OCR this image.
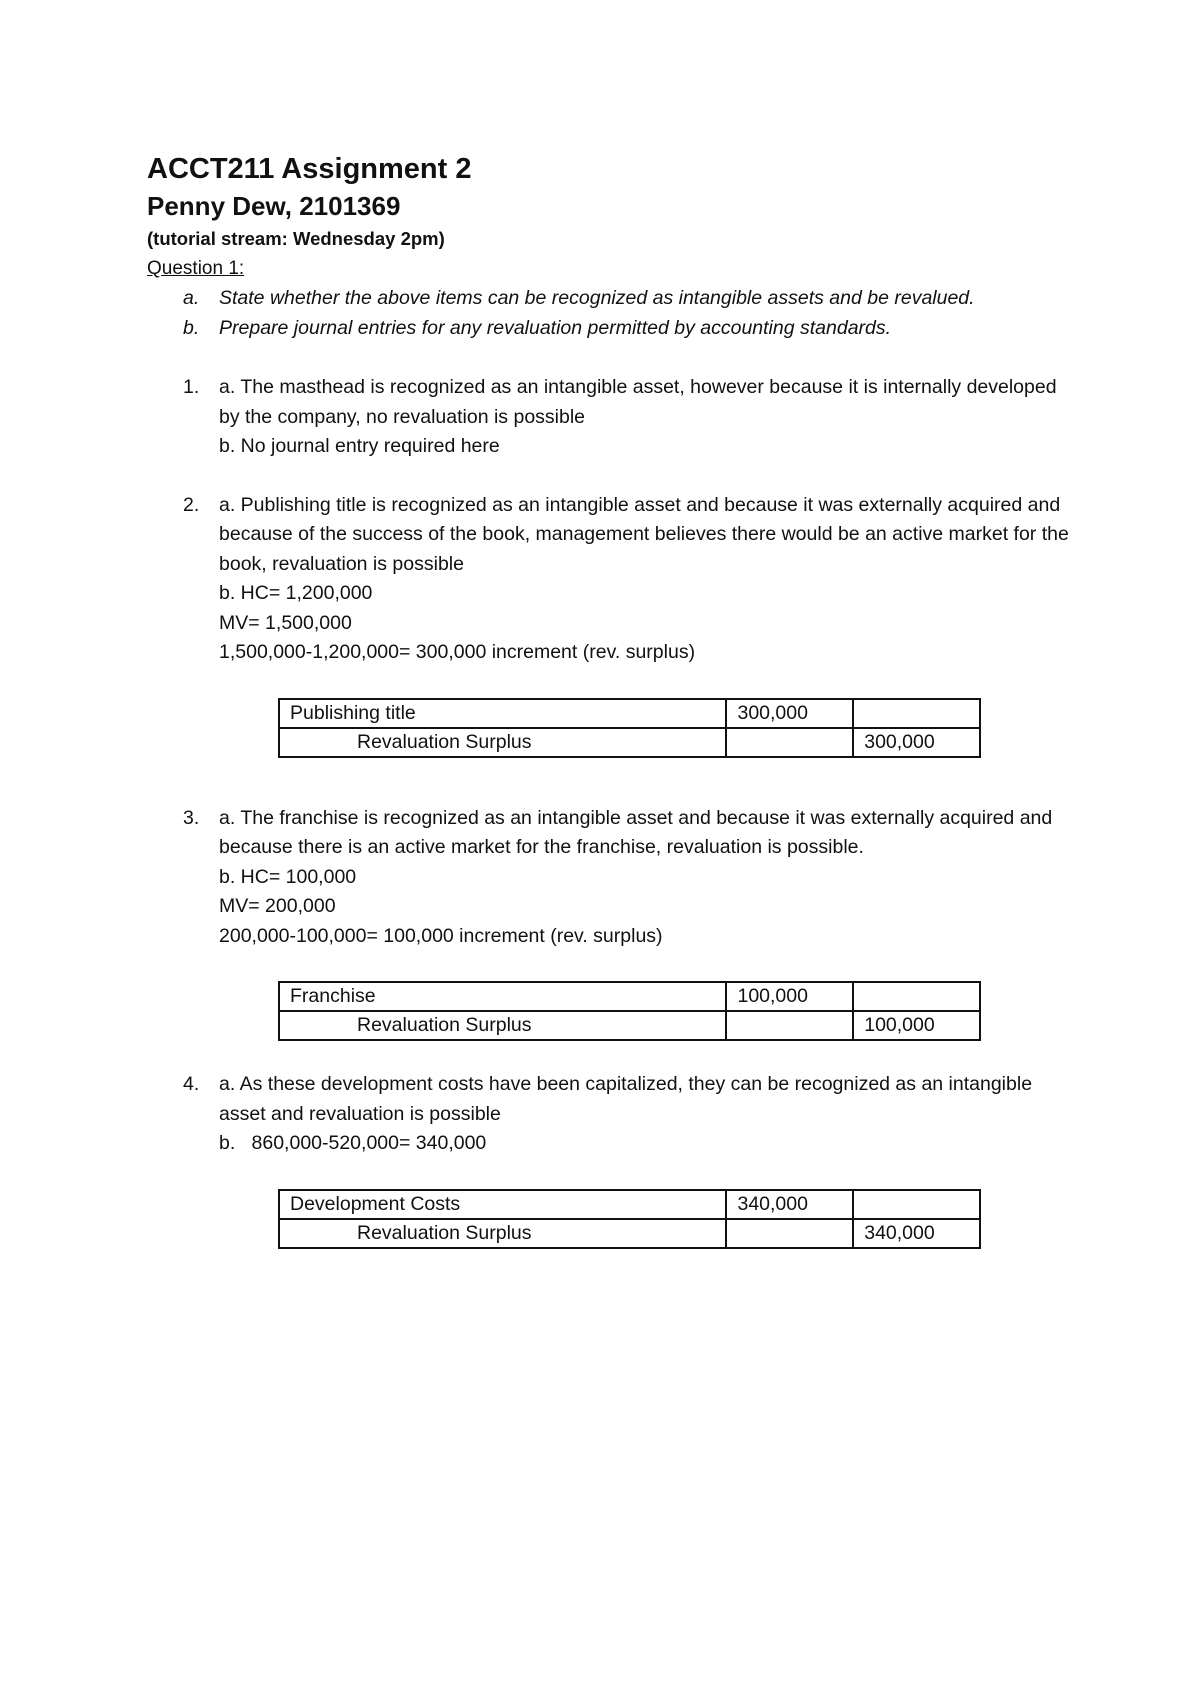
ACCT211 Assignment 2

Penny Dew, 2101369

(tutorial stream: Wednesday 2pm)

Question 1:

a. State whether the above items can be recognized as intangible assets and be revalued.
b. Prepare journal entries for any revaluation permitted by accounting standards.
1. a. The masthead is recognized as an intangible asset, however because it is internally developed by the company, no revaluation is possible

b. No journal entry required here

2. a. Publishing title is recognized as an intangible asset and because it was externally acquired and because of the success of the book, management believes there would be an active market for the book, revaluation is possible

b. HC= 1,200,000

MV= 1,500,000

1,500,000-1,200,000= 300,000 increment (rev. surplus)

Publishing title	300,000	
Revaluation Surplus		300,000
3. a. The franchise is recognized as an intangible asset and because it was externally acquired and because there is an active market for the franchise, revaluation is possible.

b. HC= 100,000

MV= 200,000

200,000-100,000= 100,000 increment (rev. surplus)

Franchise	100,000	
Revaluation Surplus		100,000
4. a. As these development costs have been capitalized, they can be recognized as an intangible asset and revaluation is possible

b.   860,000-520,000= 340,000

Development Costs	340,000	
Revaluation Surplus		340,000
